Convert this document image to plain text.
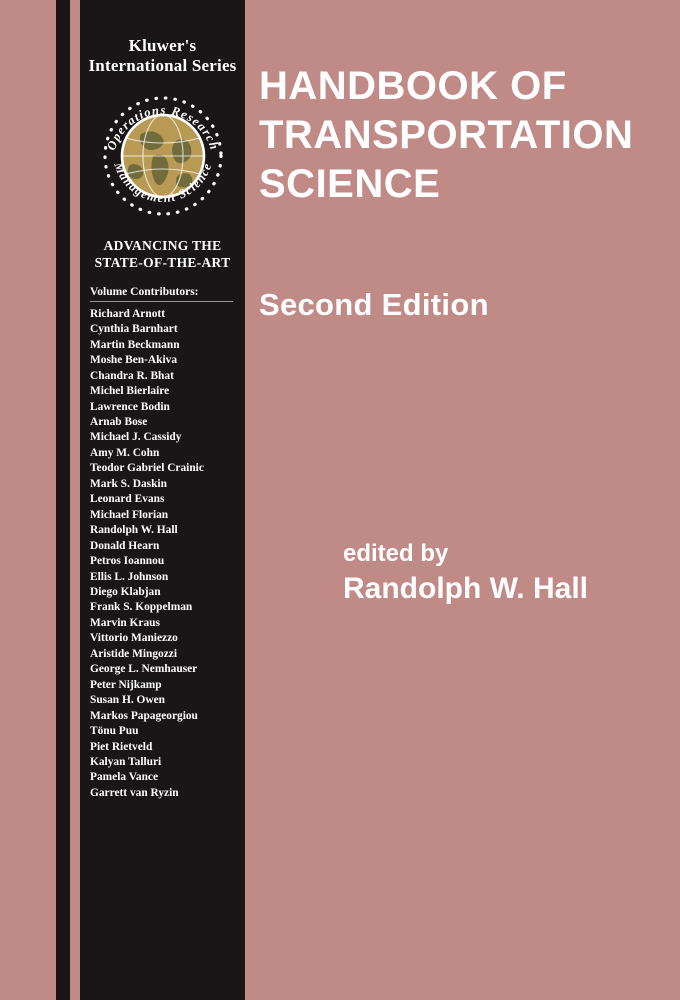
Kluwer's
International Series
Operations Research
Management Science
ADVANCING THE
STATE-OF-THE-ART
Volume Contributors:
Richard Arnott
Cynthia Barnhart
Martin Beckmann
Moshe Ben-Akiva
Chandra R. Bhat
Michel Bierlaire
Lawrence Bodin
Arnab Bose
Michael J. Cassidy
Amy M. Cohn
Teodor Gabriel Crainic
Mark S. Daskin
Leonard Evans
Michael Florian
Randolph W. Hall
Donald Hearn
Petros Ioannou
Ellis L. Johnson
Diego Klabjan
Frank S. Koppelman
Marvin Kraus
Vittorio Maniezzo
Aristide Mingozzi
George L. Nemhauser
Peter Nijkamp
Susan H. Owen
Markos Papageorgiou
Tönu Puu
Piet Rietveld
Kalyan Talluri
Pamela Vance
Garrett van Ryzin
HANDBOOK OF
TRANSPORTATION
SCIENCE
Second Edition
edited by
Randolph W. Hall
